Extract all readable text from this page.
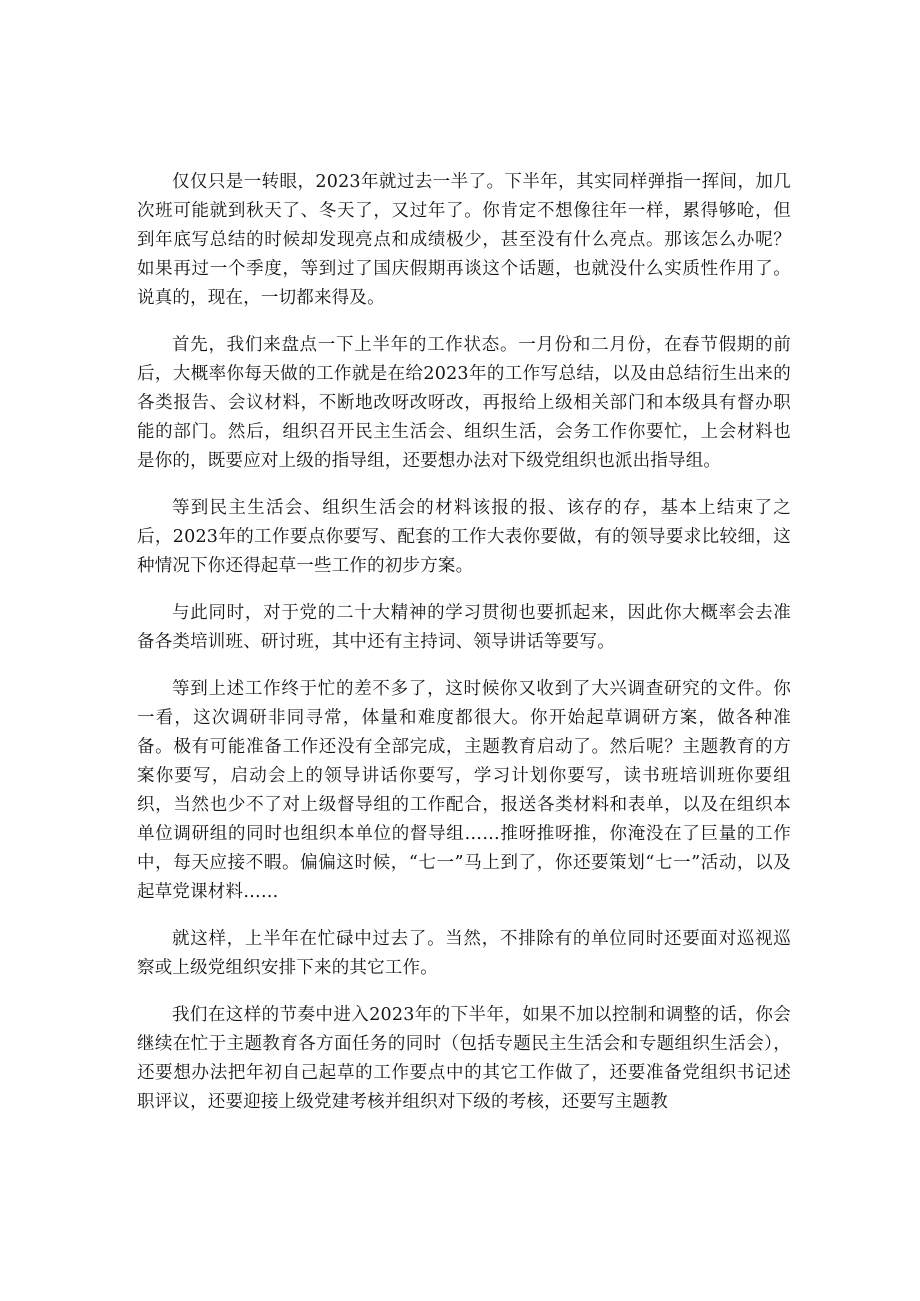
仅仅只是一转眼，2023年就过去一半了。下半年，其实同样弹指一挥间，加几次班可能就到秋天了、冬天了，又过年了。你肯定不想像往年一样，累得够呛，但到年底写总结的时候却发现亮点和成绩极少，甚至没有什么亮点。那该怎么办呢？如果再过一个季度，等到过了国庆假期再谈这个话题，也就没什么实质性作用了。说真的，现在，一切都来得及。

首先，我们来盘点一下上半年的工作状态。一月份和二月份，在春节假期的前后，大概率你每天做的工作就是在给2023年的工作写总结，以及由总结衍生出来的各类报告、会议材料，不断地改呀改呀改，再报给上级相关部门和本级具有督办职能的部门。然后，组织召开民主生活会、组织生活，会务工作你要忙，上会材料也是你的，既要应对上级的指导组，还要想办法对下级党组织也派出指导组。

等到民主生活会、组织生活会的材料该报的报、该存的存，基本上结束了之后，2023年的工作要点你要写、配套的工作大表你要做，有的领导要求比较细，这种情况下你还得起草一些工作的初步方案。

与此同时，对于党的二十大精神的学习贯彻也要抓起来，因此你大概率会去准备各类培训班、研讨班，其中还有主持词、领导讲话等要写。

等到上述工作终于忙的差不多了，这时候你又收到了大兴调查研究的文件。你一看，这次调研非同寻常，体量和难度都很大。你开始起草调研方案，做各种准备。极有可能准备工作还没有全部完成，主题教育启动了。然后呢？主题教育的方案你要写，启动会上的领导讲话你要写，学习计划你要写，读书班培训班你要组织，当然也少不了对上级督导组的工作配合，报送各类材料和表单，以及在组织本单位调研组的同时也组织本单位的督导组……推呀推呀推，你淹没在了巨量的工作中，每天应接不暇。偏偏这时候，“七一”马上到了，你还要策划“七一”活动，以及起草党课材料……

就这样，上半年在忙碌中过去了。当然，不排除有的单位同时还要面对巡视巡察或上级党组织安排下来的其它工作。

我们在这样的节奏中进入2023年的下半年，如果不加以控制和调整的话，你会继续在忙于主题教育各方面任务的同时（包括专题民主生活会和专题组织生活会），还要想办法把年初自己起草的工作要点中的其它工作做了，还要准备党组织书记述职评议，还要迎接上级党建考核并组织对下级的考核，还要写主题教
